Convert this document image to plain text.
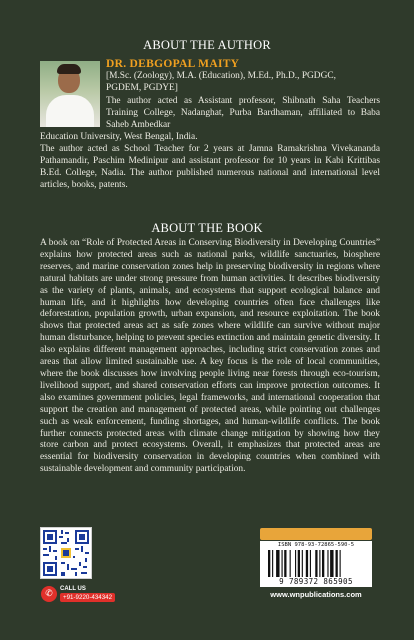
ABOUT THE AUTHOR
DR. DEBGOPAL MAITY
[M.Sc. (Zoology), M.A. (Education), M.Ed., Ph.D., PGDGC, PGDEM, PGDYE]
The author acted as Assistant professor, Shibnath Saha Teachers Training College, Nadanghat, Purba Bardhaman, affiliated to Baba Saheb Ambedkar
Education University, West Bengal, India.
The author acted as School Teacher for 2 years at Jamna Ramakrishna Vivekananda Pathamandir, Paschim Medinipur and assistant professor for 10 years in Kabi Krittibas B.Ed. College, Nadia. The author published numerous national and international level articles, books, patents.
ABOUT THE BOOK
A book on “Role of Protected Areas in Conserving Biodiversity in Developing Countries” explains how protected areas such as national parks, wildlife sanctuaries, biosphere reserves, and marine conservation zones help in preserving biodiversity in regions where natural habitats are under strong pressure from human activities. It describes biodiversity as the variety of plants, animals, and ecosystems that support ecological balance and human life, and it highlights how developing countries often face challenges like deforestation, population growth, urban expansion, and resource exploitation. The book shows that protected areas act as safe zones where wildlife can survive without major human disturbance, helping to prevent species extinction and maintain genetic diversity. It also explains different management approaches, including strict conservation zones and areas that allow limited sustainable use. A key focus is the role of local communities, where the book discusses how involving people living near forests through eco-tourism, livelihood support, and shared conservation efforts can improve protection outcomes. It also examines government policies, legal frameworks, and international cooperation that support the creation and management of protected areas, while pointing out challenges such as weak enforcement, funding shortages, and human-wildlife conflicts. The book further connects protected areas with climate change mitigation by showing how they store carbon and protect ecosystems. Overall, it emphasizes that protected areas are essential for biodiversity conservation in developing countries when combined with sustainable development and community participation.
✆	CALL US
+91-9220-434342
ISBN 978-93-72865-590-5
9 789372 865905
www.wnpublications.com
